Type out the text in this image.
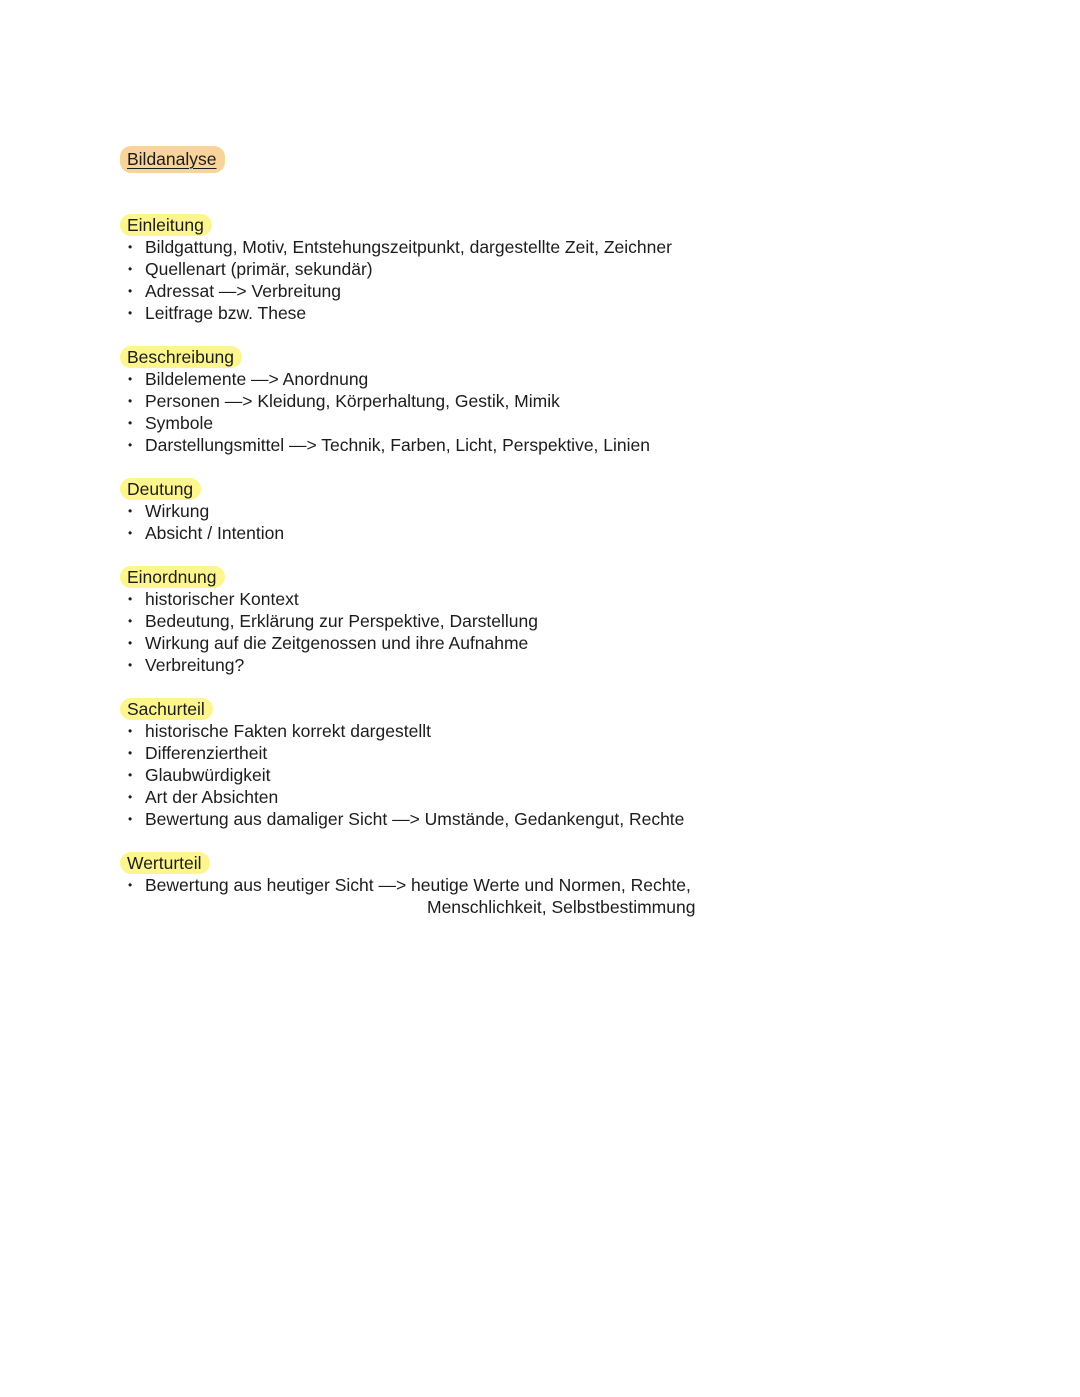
Bildanalyse
Einleitung
• Bildgattung, Motiv, Entstehungszeitpunkt, dargestellte Zeit, Zeichner
• Quellenart (primär, sekundär)
• Adressat —> Verbreitung
• Leitfrage bzw. These
Beschreibung
• Bildelemente —> Anordnung
• Personen —> Kleidung, Körperhaltung, Gestik, Mimik
• Symbole
• Darstellungsmittel —> Technik, Farben, Licht, Perspektive, Linien
Deutung
• Wirkung
• Absicht / Intention
Einordnung
• historischer Kontext
• Bedeutung, Erklärung zur Perspektive, Darstellung
• Wirkung auf die Zeitgenossen und ihre Aufnahme
• Verbreitung?
Sachurteil
• historische Fakten korrekt dargestellt
• Differenziertheit
• Glaubwürdigkeit
• Art der Absichten
• Bewertung aus damaliger Sicht —> Umstände, Gedankengut, Rechte
Werturteil
• Bewertung aus heutiger Sicht —> heutige Werte und Normen, Rechte,
Menschlichkeit, Selbstbestimmung
